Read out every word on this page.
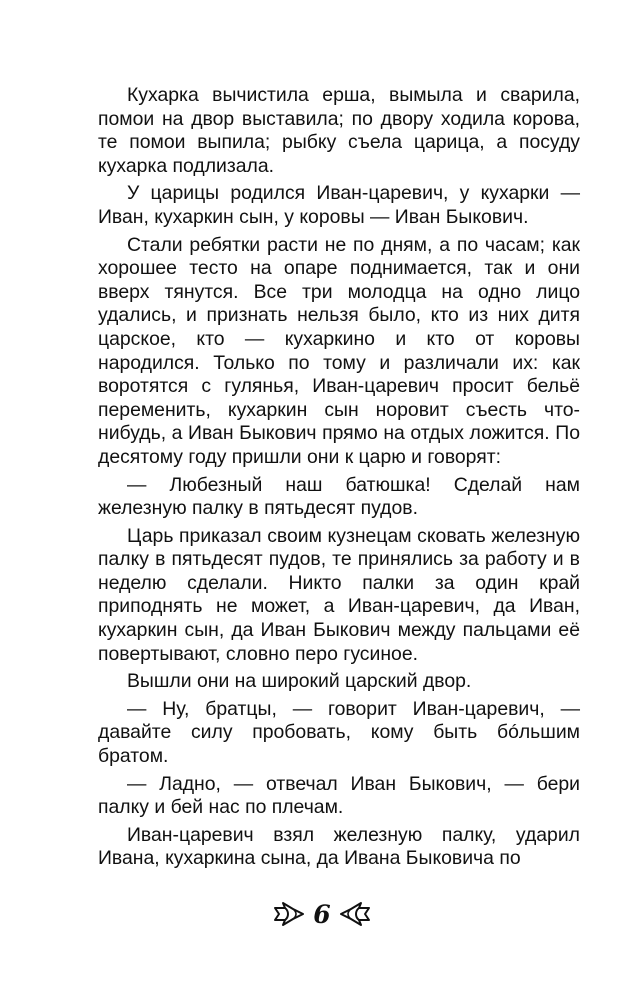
Кухарка вычистила ерша, вымыла и сварила, помои на двор выставила; по двору ходила корова, те помои выпила; рыбку съела царица, а посуду кухарка подлизала.

У царицы родился Иван-царевич, у кухарки — Иван, кухаркин сын, у коровы — Иван Быкович.

Стали ребятки расти не по дням, а по часам; как хорошее тесто на опаре поднимается, так и они вверх тянутся. Все три молодца на одно лицо удались, и признать нельзя было, кто из них дитя царское, кто — кухаркино и кто от коровы народился. Только по тому и различали их: как воротятся с гулянья, Иван-царевич просит бельё переменить, кухаркин сын норовит съесть что-нибудь, а Иван Быкович прямо на отдых ложится. По десятому году пришли они к царю и говорят:

— Любезный наш батюшка! Сделай нам железную палку в пятьдесят пудов.

Царь приказал своим кузнецам сковать железную палку в пятьдесят пудов, те принялись за работу и в неделю сделали. Никто палки за один край приподнять не может, а Иван-царевич, да Иван, кухаркин сын, да Иван Быкович между пальцами её повертывают, словно перо гусиное.

Вышли они на широкий царский двор.

— Ну, братцы, — говорит Иван-царевич, — давайте силу пробовать, кому быть бóльшим братом.

— Ладно, — отвечал Иван Быкович, — бери палку и бей нас по плечам.

Иван-царевич взял железную палку, ударил Ивана, кухаркина сына, да Ивана Быковича по

6
